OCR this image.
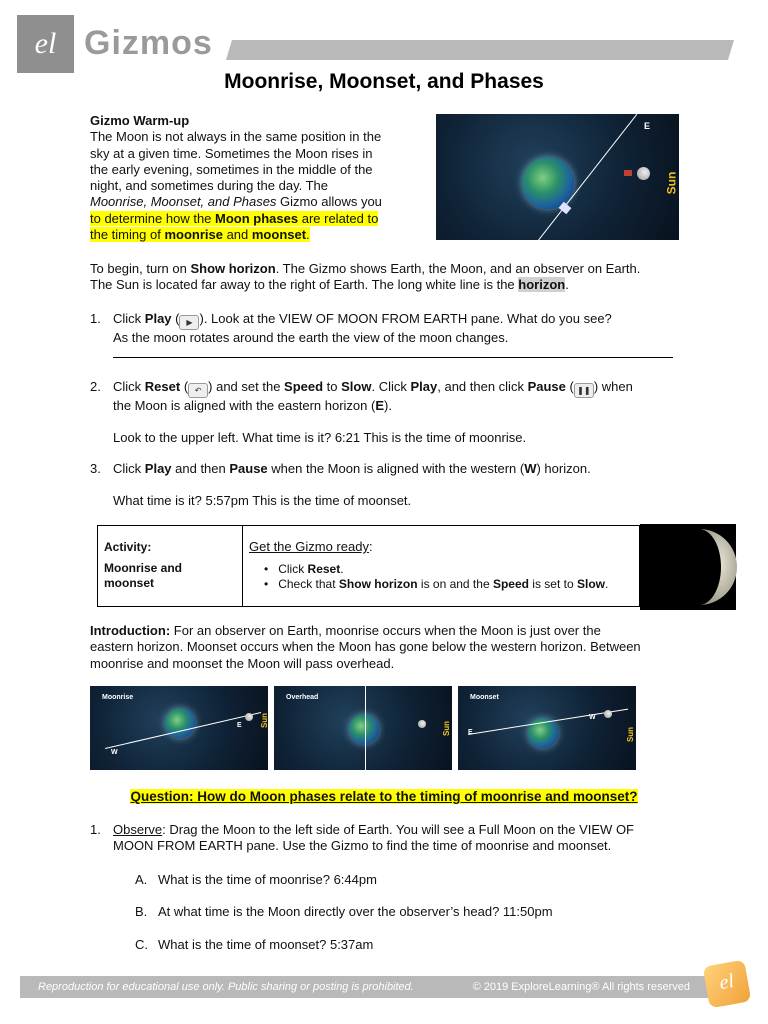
el Gizmos
Moonrise, Moonset, and Phases
Gizmo Warm-up
The Moon is not always in the same position in the
sky at a given time. Sometimes the Moon rises in
the early evening, sometimes in the middle of the
night, and sometimes during the day. The
Moonrise, Moonset, and Phases Gizmo allows you
to determine how the Moon phases are related to
the timing of moonrise and moonset.
E
Sun
To begin, turn on Show horizon. The Gizmo shows Earth, the Moon, and an observer on Earth.
The Sun is located far away to the right of Earth. The long white line is the horizon.
1. Click Play ( ▶ ). Look at the VIEW OF MOON FROM EARTH pane. What do you see?
As the moon rotates around the earth the view of the moon changes.
2. Click Reset ( ↶ ) and set the Speed to Slow. Click Play, and then click Pause ( ❚❚ ) when
the Moon is aligned with the eastern horizon (E).
Look to the upper left. What time is it? 6:21 This is the time of moonrise.
3. Click Play and then Pause when the Moon is aligned with the western (W) horizon.
What time is it? 5:57pm This is the time of moonset.
Activity:
Moonrise and moonset
Get the Gizmo ready:
•   Click Reset.
•   Check that Show horizon is on and the Speed is set to Slow.
Introduction: For an observer on Earth, moonrise occurs when the Moon is just over the
eastern horizon. Moonset occurs when the Moon has gone below the western horizon. Between
moonrise and moonset the Moon will pass overhead.
Moonrise
W
E Sun
Overhead
Sun
Moonset
E
W
Sun
Question: How do Moon phases relate to the timing of moonrise and moonset?
1. Observe: Drag the Moon to the left side of Earth. You will see a Full Moon on the VIEW OF
MOON FROM EARTH pane. Use the Gizmo to find the time of moonrise and moonset.
A. What is the time of moonrise? 6:44pm
B. At what time is the Moon directly over the observer’s head? 11:50pm
C. What is the time of moonset? 5:37am
Reproduction for educational use only. Public sharing or posting is prohibited.	© 2019 ExploreLearning® All rights reserved	el
